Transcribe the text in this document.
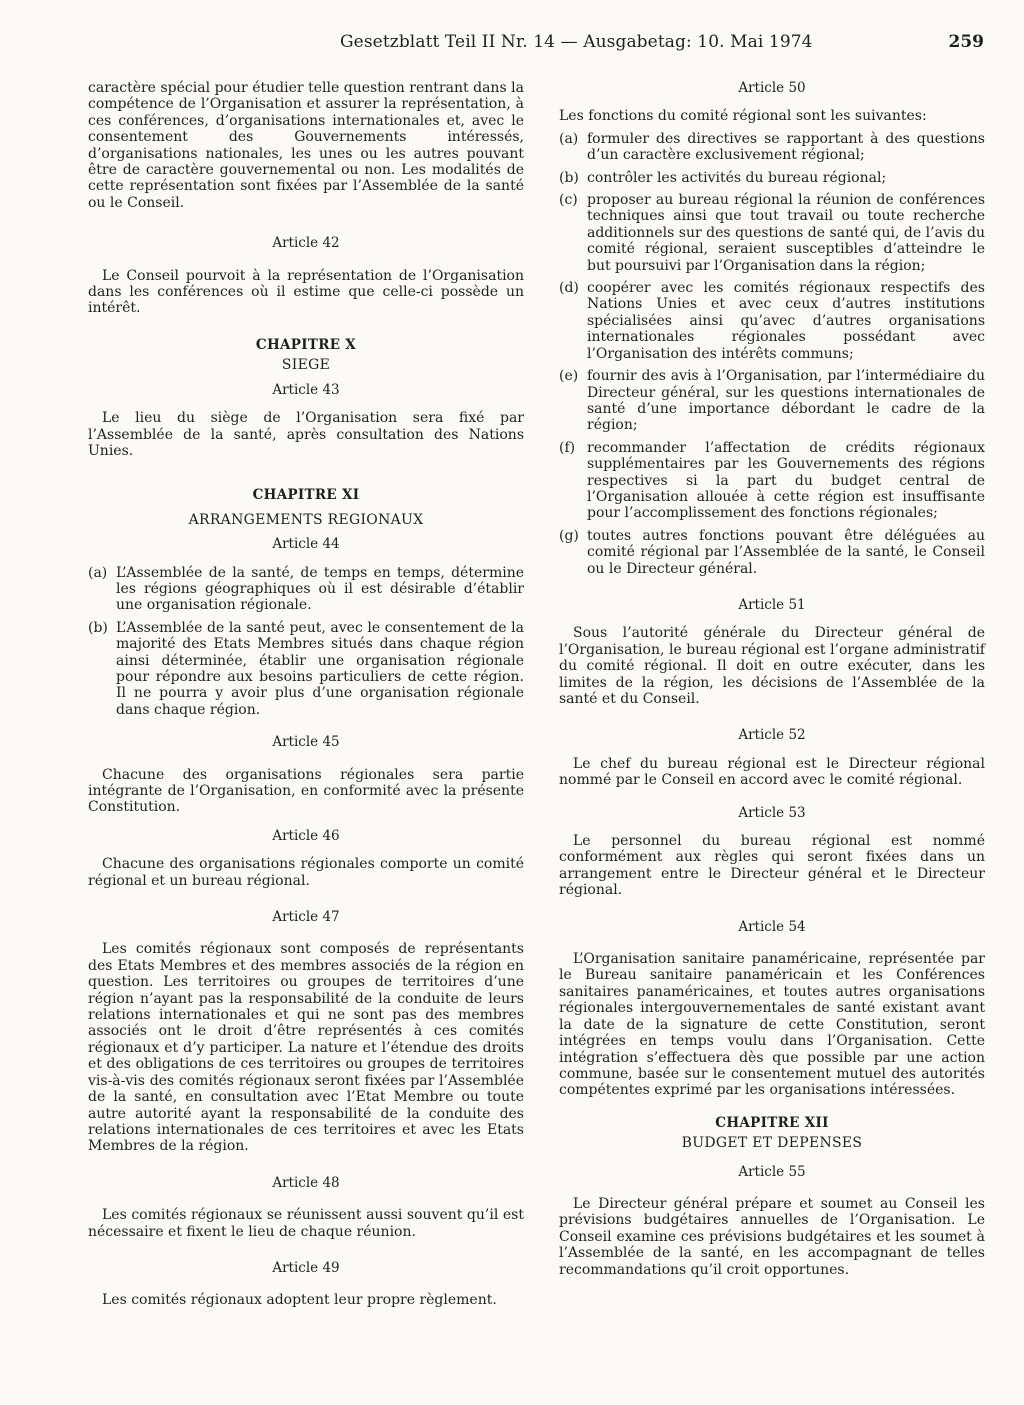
Gesetzblatt Teil II Nr. 14 — Ausgabetag: 10. Mai 1974	259

caractère spécial pour étudier telle question rentrant dans la compétence de l’Organisation et assurer la représentation, à ces conférences, d’organisations internationales et, avec le consentement des Gouvernements intéressés, d’organisations nationales, les unes ou les autres pouvant être de caractère gouvernemental ou non. Les modalités de cette représentation sont fixées par l’Assemblée de la santé ou le Conseil.

Article 42

Le Conseil pourvoit à la représentation de l’Organisation dans les conférences où il estime que celle-ci possède un intérêt.

CHAPITRE X
SIEGE
Article 43

Le lieu du siège de l’Organisation sera fixé par l’Assemblée de la santé, après consultation des Nations Unies.

CHAPITRE XI
ARRANGEMENTS REGIONAUX
Article 44
(a) L’Assemblée de la santé, de temps en temps, détermine les régions géographiques où il est désirable d’établir une organisation régionale.
(b) L’Assemblée de la santé peut, avec le consentement de la majorité des Etats Membres situés dans chaque région ainsi déterminée, établir une organisation régionale pour répondre aux besoins particuliers de cette région. Il ne pourra y avoir plus d’une organisation régionale dans chaque région.
Article 45

Chacune des organisations régionales sera partie intégrante de l’Organisation, en conformité avec la présente Constitution.

Article 46

Chacune des organisations régionales comporte un comité régional et un bureau régional.

Article 47

Les comités régionaux sont composés de représentants des Etats Membres et des membres associés de la région en question. Les territoires ou groupes de territoires d’une région n’ayant pas la responsabilité de la conduite de leurs relations internationales et qui ne sont pas des membres associés ont le droit d’être représentés à ces comités régionaux et d’y participer. La nature et l’étendue des droits et des obligations de ces territoires ou groupes de territoires vis-à-vis des comités régionaux seront fixées par l’Assemblée de la santé, en consultation avec l’Etat Membre ou toute autre autorité ayant la responsabilité de la conduite des relations internationales de ces territoires et avec les Etats Membres de la région.

Article 48

Les comités régionaux se réunissent aussi souvent qu’il est nécessaire et fixent le lieu de chaque réunion.

Article 49

Les comités régionaux adoptent leur propre règlement.

Article 50

Les fonctions du comité régional sont les suivantes:

(a) formuler des directives se rapportant à des questions d’un caractère exclusivement régional;
(b) contrôler les activités du bureau régional;
(c) proposer au bureau régional la réunion de conférences techniques ainsi que tout travail ou toute recherche additionnels sur des questions de santé qui, de l’avis du comité régional, seraient susceptibles d’atteindre le but poursuivi par l’Organisation dans la région;
(d) coopérer avec les comités régionaux respectifs des Nations Unies et avec ceux d’autres institutions spécialisées ainsi qu’avec d’autres organisations internationales régionales possédant avec l’Organisation des intérêts communs;
(e) fournir des avis à l’Organisation, par l’intermédiaire du Directeur général, sur les questions internationales de santé d’une importance débordant le cadre de la région;
(f) recommander l’affectation de crédits régionaux supplémentaires par les Gouvernements des régions respectives si la part du budget central de l’Organisation allouée à cette région est insuffisante pour l’accomplissement des fonctions régionales;
(g) toutes autres fonctions pouvant être déléguées au comité régional par l’Assemblée de la santé, le Conseil ou le Directeur général.
Article 51

Sous l’autorité générale du Directeur général de l’Organisation, le bureau régional est l’organe administratif du comité régional. Il doit en outre exécuter, dans les limites de la région, les décisions de l’Assemblée de la santé et du Conseil.

Article 52

Le chef du bureau régional est le Directeur régional nommé par le Conseil en accord avec le comité régional.

Article 53

Le personnel du bureau régional est nommé conformément aux règles qui seront fixées dans un arrangement entre le Directeur général et le Directeur régional.

Article 54

L’Organisation sanitaire panaméricaine, représentée par le Bureau sanitaire panaméricain et les Conférences sanitaires panaméricaines, et toutes autres organisations régionales intergouvernementales de santé existant avant la date de la signature de cette Constitution, seront intégrées en temps voulu dans l’Organisation. Cette intégration s’effectuera dès que possible par une action commune, basée sur le consentement mutuel des autorités compétentes exprimé par les organisations intéressées.

CHAPITRE XII
BUDGET ET DEPENSES
Article 55

Le Directeur général prépare et soumet au Conseil les prévisions budgétaires annuelles de l’Organisation. Le Conseil examine ces prévisions budgétaires et les soumet à l’Assemblée de la santé, en les accompagnant de telles recommandations qu’il croit opportunes.
